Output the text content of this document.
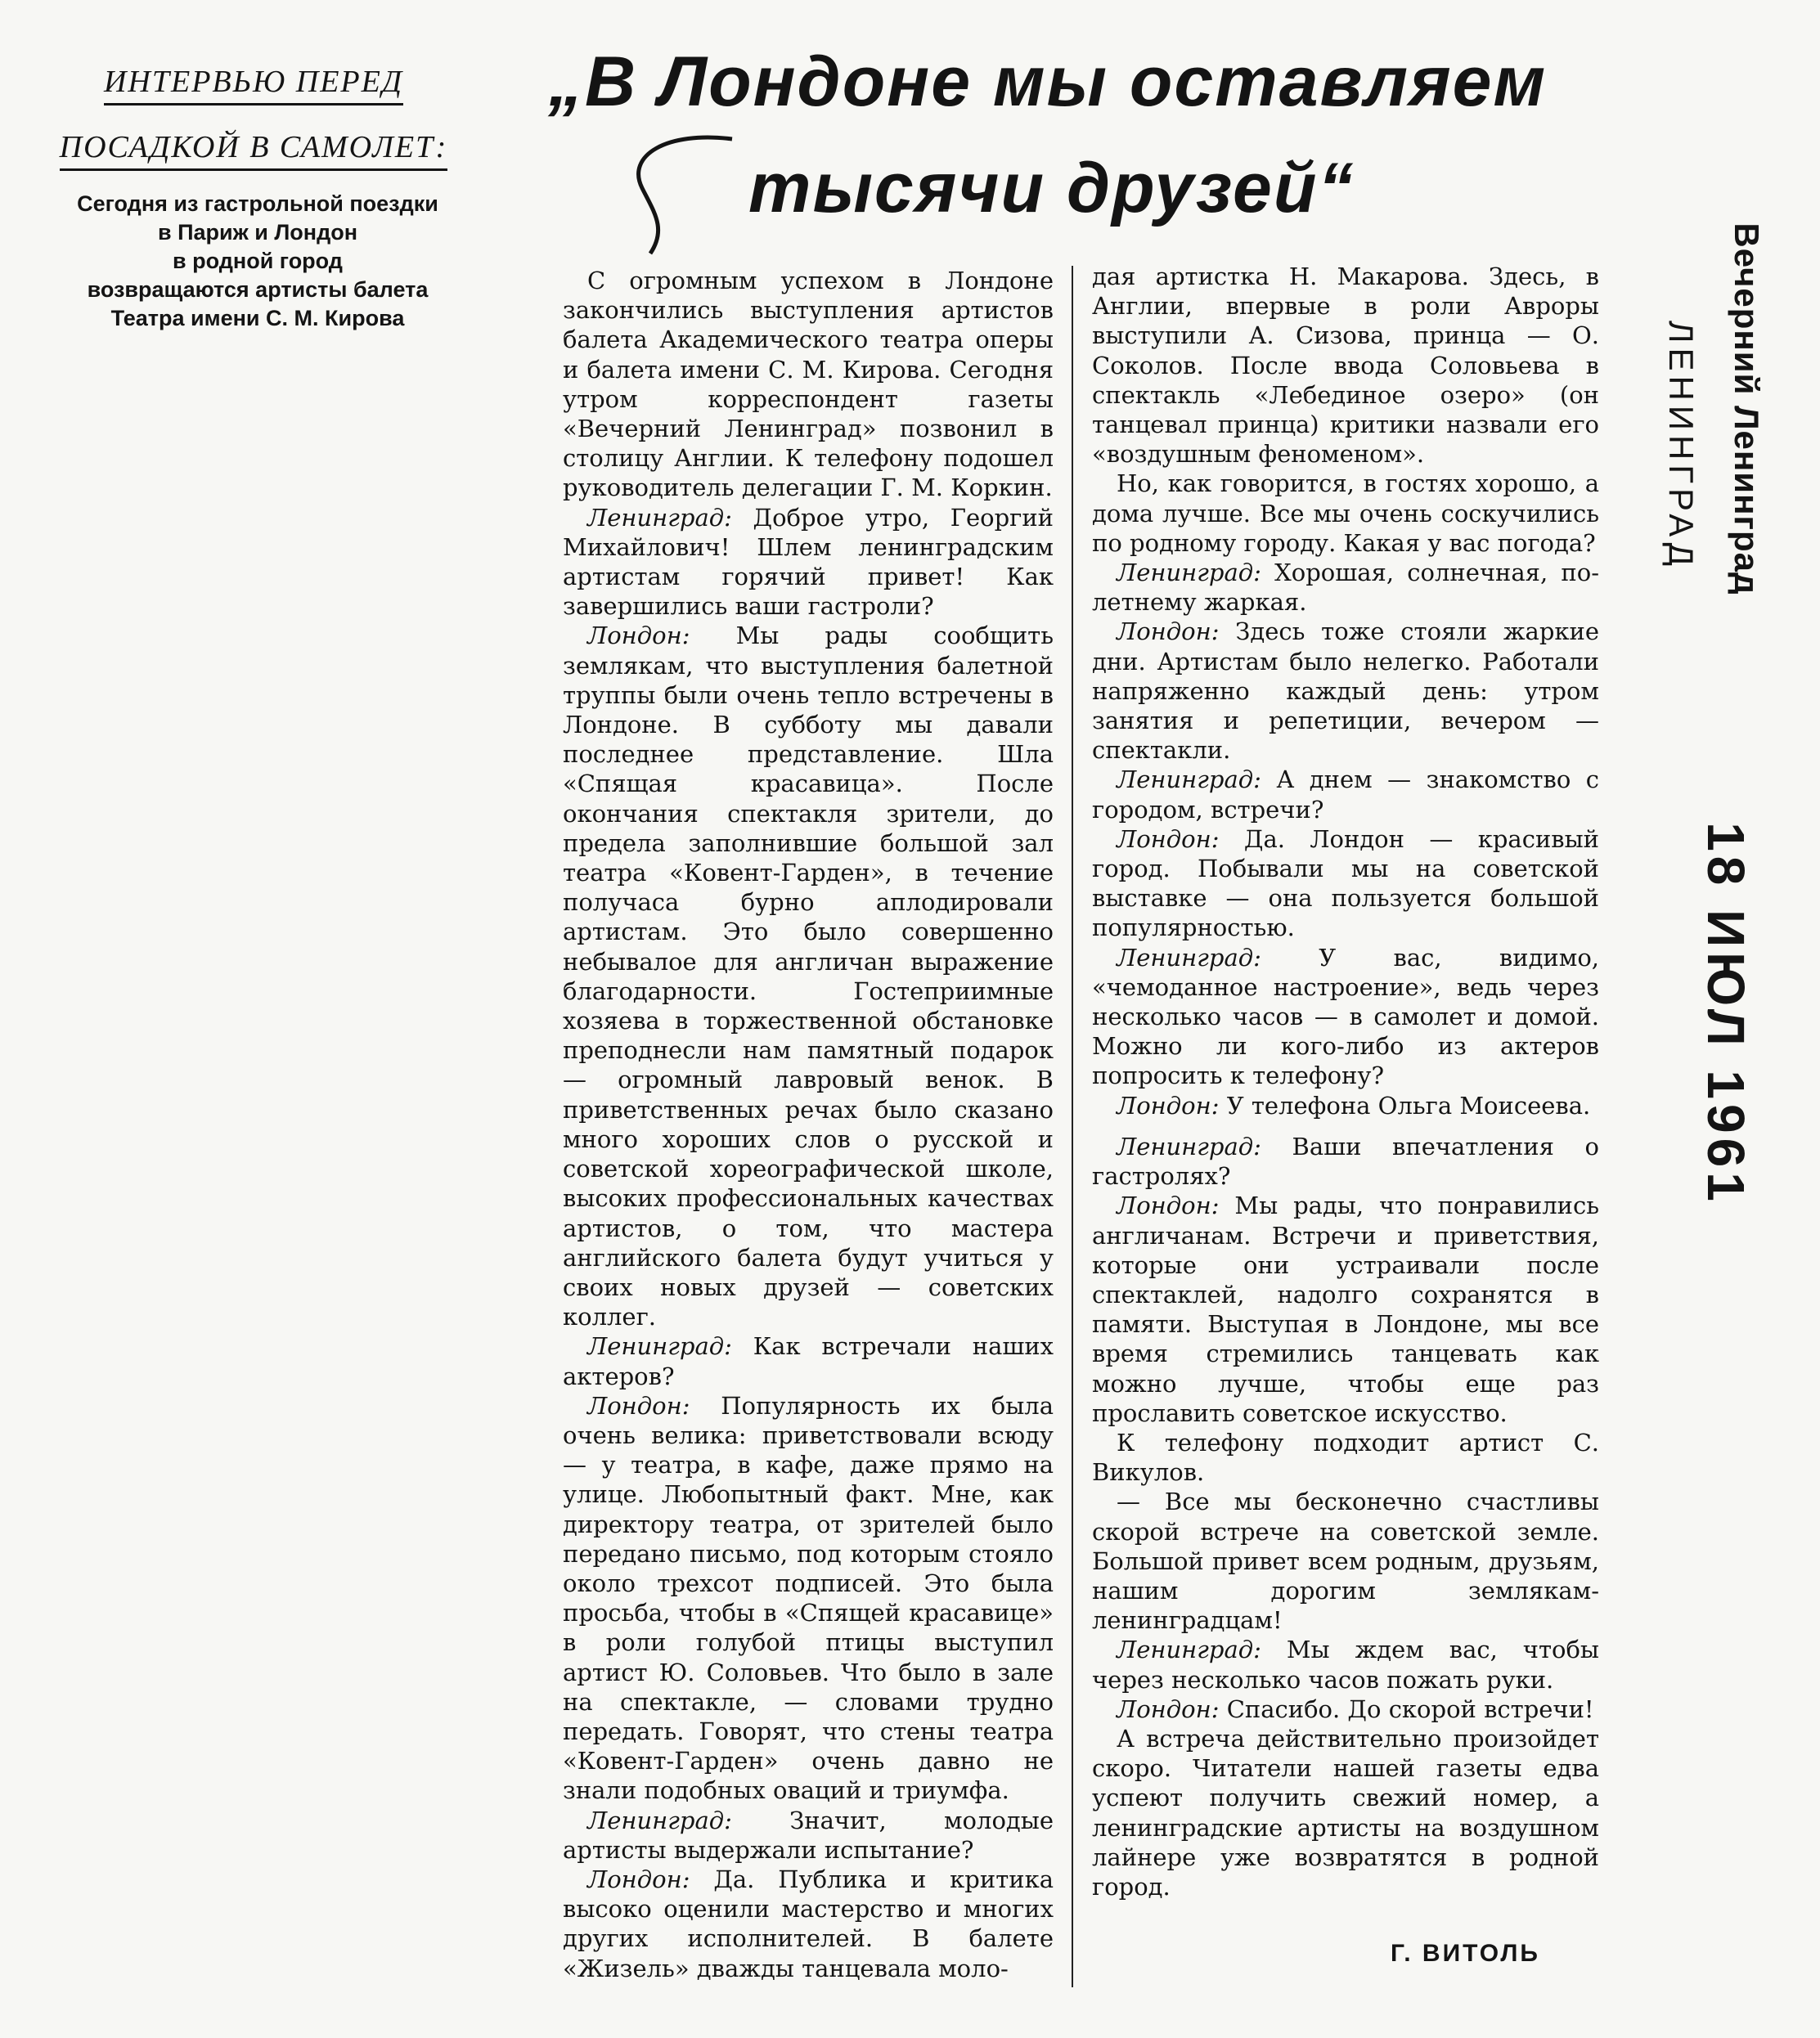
ИНТЕРВЬЮ ПЕРЕД
ПОСАДКОЙ В САМОЛЕТ:
Сегодня из гастрольной поездки
в Париж и Лондон
в родной город
возвращаются артисты балета
Театра имени С. М. Кирова
„В Лондоне мы оставляем
тысячи друзей“

С огромным успехом в Лондоне закончились выступления артистов балета Академического театра оперы и балета имени С. М. Кирова. Сегодня утром корреспондент газеты «Вечерний Ленинград» позвонил в столицу Англии. К телефону подошел руководитель делегации Г. М. Коркин.

Ленинград: Доброе утро, Георгий Михайлович! Шлем ленинградским артистам горячий привет! Как завершились ваши гастроли?

Лондон: Мы рады сообщить землякам, что выступления балетной труппы были очень тепло встречены в Лондоне. В субботу мы давали последнее представление. Шла «Спящая красавица». После окончания спектакля зрители, до предела заполнившие большой зал театра «Ковент-Гарден», в течение получаса бурно аплодировали артистам. Это было совершенно небывалое для англичан выражение благодарности. Гостеприимные хозяева в торжественной обстановке преподнесли нам памятный подарок — огромный лавровый венок. В приветственных речах было сказано много хороших слов о русской и советской хореографической школе, высоких профессиональных качествах артистов, о том, что мастера английского балета будут учиться у своих новых друзей — советских коллег.

Ленинград: Как встречали наших актеров?

Лондон: Популярность их была очень велика: приветствовали всюду — у театра, в кафе, даже прямо на улице. Любопытный факт. Мне, как директору театра, от зрителей было передано письмо, под которым стояло около трехсот подписей. Это была просьба, чтобы в «Спящей красавице» в роли голубой птицы выступил артист Ю. Соловьев. Что было в зале на спектакле, — словами трудно передать. Говорят, что стены театра «Ковент-Гарден» очень давно не знали подобных оваций и триумфа.

Ленинград: Значит, молодые артисты выдержали испытание?

Лондон: Да. Публика и критика высоко оценили мастерство и многих других исполнителей. В балете «Жизель» дважды танцевала моло-

дая артистка Н. Макарова. Здесь, в Англии, впервые в роли Авроры выступили А. Сизова, принца — О. Соколов. После ввода Соловьева в спектакль «Лебединое озеро» (он танцевал принца) критики назвали его «воздушным феноменом».

Но, как говорится, в гостях хорошо, а дома лучше. Все мы очень соскучились по родному городу. Какая у вас погода?

Ленинград: Хорошая, солнечная, по-летнему жаркая.

Лондон: Здесь тоже стояли жаркие дни. Артистам было нелегко. Работали напряженно каждый день: утром занятия и репетиции, вечером — спектакли.

Ленинград: А днем — знакомство с городом, встречи?

Лондон: Да. Лондон — красивый город. Побывали мы на советской выставке — она пользуется большой популярностью.

Ленинград: У вас, видимо, «чемоданное настроение», ведь через несколько часов — в самолет и домой. Можно ли кого-либо из актеров попросить к телефону?

Лондон: У телефона Ольга Моисеева.

Ленинград: Ваши впечатления о гастролях?

Лондон: Мы рады, что понравились англичанам. Встречи и приветствия, которые они устраивали после спектаклей, надолго сохранятся в памяти. Выступая в Лондоне, мы все время стремились танцевать как можно лучше, чтобы еще раз прославить советское искусство.

К телефону подходит артист С. Викулов.

— Все мы бесконечно счастливы скорой встрече на советской земле. Большой привет всем родным, друзьям, нашим дорогим землякам-ленинградцам!

Ленинград: Мы ждем вас, чтобы через несколько часов пожать руки.

Лондон: Спасибо. До скорой встречи!

А встреча действительно произойдет скоро. Читатели нашей газеты едва успеют получить свежий номер, а ленинградские артисты на воздушном лайнере уже возвратятся в родной город.

Г. ВИТОЛЬ
Вечерний Ленинград
ЛЕНИНГРАД
18 ИЮЛ 1961
